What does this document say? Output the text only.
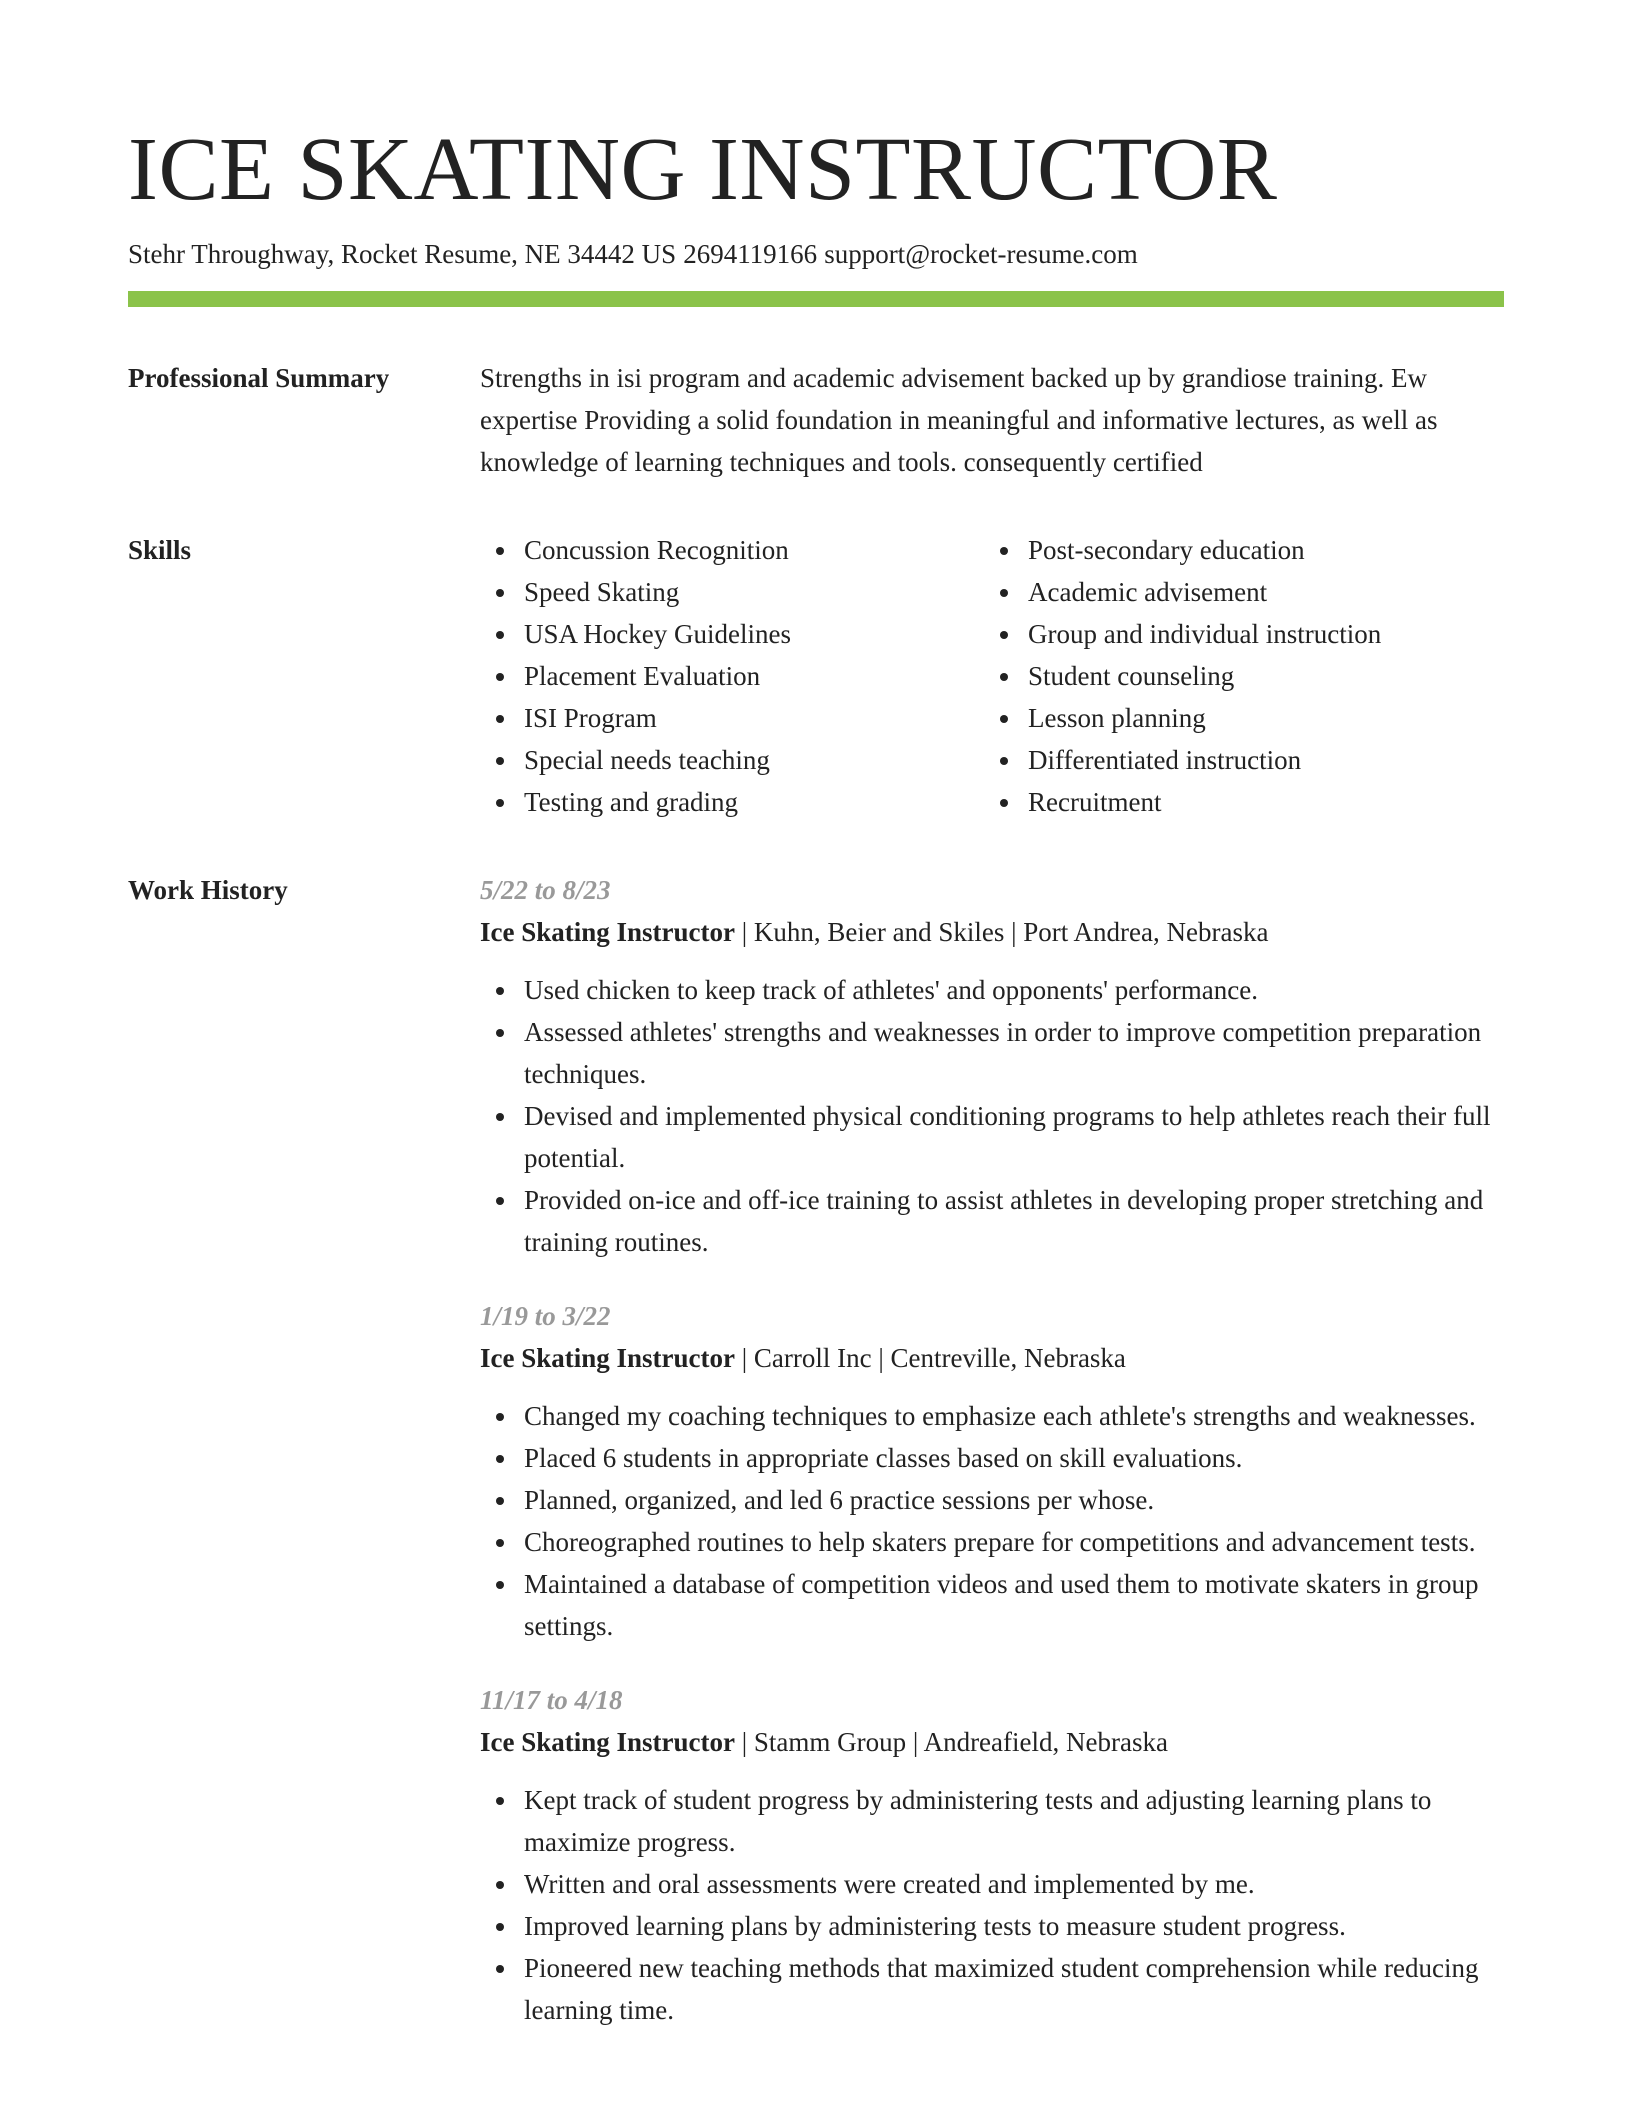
ICE SKATING INSTRUCTOR
Stehr Throughway, Rocket Resume, NE 34442 US 2694119166 support@rocket-resume.com
Professional Summary	Strengths in isi program and academic advisement backed up by grandiose training. Ew expertise Providing a solid foundation in meaningful and informative lectures, as well as knowledge of learning techniques and tools. consequently certified

Skills	Concussion Recognition
Speed Skating
USA Hockey Guidelines
Placement Evaluation
ISI Program
Special needs teaching
Testing and grading
Post-secondary education
Academic advisement
Group and individual instruction
Student counseling
Lesson planning
Differentiated instruction
Recruitment
Work History	5/22 to 8/23
Ice Skating Instructor | Kuhn, Beier and Skiles | Port Andrea, Nebraska
Used chicken to keep track of athletes' and opponents' performance.
Assessed athletes' strengths and weaknesses in order to improve competition preparation techniques.
Devised and implemented physical conditioning programs to help athletes reach their full potential.
Provided on-ice and off-ice training to assist athletes in developing proper stretching and training routines.
1/19 to 3/22
Ice Skating Instructor | Carroll Inc | Centreville, Nebraska
Changed my coaching techniques to emphasize each athlete's strengths and weaknesses.
Placed 6 students in appropriate classes based on skill evaluations.
Planned, organized, and led 6 practice sessions per whose.
Choreographed routines to help skaters prepare for competitions and advancement tests.
Maintained a database of competition videos and used them to motivate skaters in group settings.
11/17 to 4/18
Ice Skating Instructor | Stamm Group | Andreafield, Nebraska
Kept track of student progress by administering tests and adjusting learning plans to maximize progress.
Written and oral assessments were created and implemented by me.
Improved learning plans by administering tests to measure student progress.
Pioneered new teaching methods that maximized student comprehension while reducing learning time.
